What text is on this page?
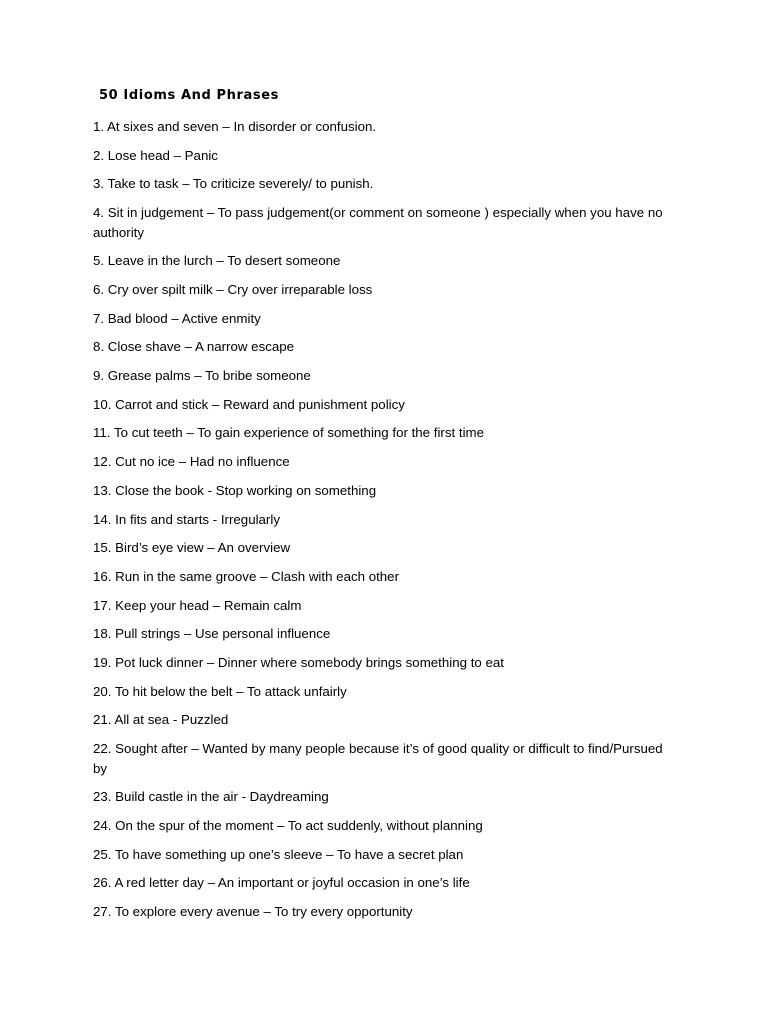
50 Idioms And Phrases
1. At sixes and seven – In disorder or confusion.
2. Lose head – Panic
3. Take to task – To criticize severely/ to punish.
4. Sit in judgement – To pass judgement(or comment on someone ) especially when you have no authority
5. Leave in the lurch – To desert someone
6. Cry over spilt milk – Cry over irreparable loss
7. Bad blood – Active enmity
8. Close shave – A narrow escape
9. Grease palms – To bribe someone
10. Carrot and stick – Reward and punishment policy
11. To cut teeth – To gain experience of something for the first time
12. Cut no ice – Had no influence
13. Close the book - Stop working on something
14. In fits and starts - Irregularly
15. Bird’s eye view – An overview
16. Run in the same groove – Clash with each other
17. Keep your head – Remain calm
18. Pull strings – Use personal influence
19. Pot luck dinner – Dinner where somebody brings something to eat
20. To hit below the belt – To attack unfairly
21. All at sea - Puzzled
22. Sought after – Wanted by many people because it’s of good quality or difficult to find/Pursued by
23. Build castle in the air - Daydreaming
24. On the spur of the moment – To act suddenly, without planning
25. To have something up one’s sleeve – To have a secret plan
26. A red letter day – An important or joyful occasion in one’s life
27. To explore every avenue – To try every opportunity
